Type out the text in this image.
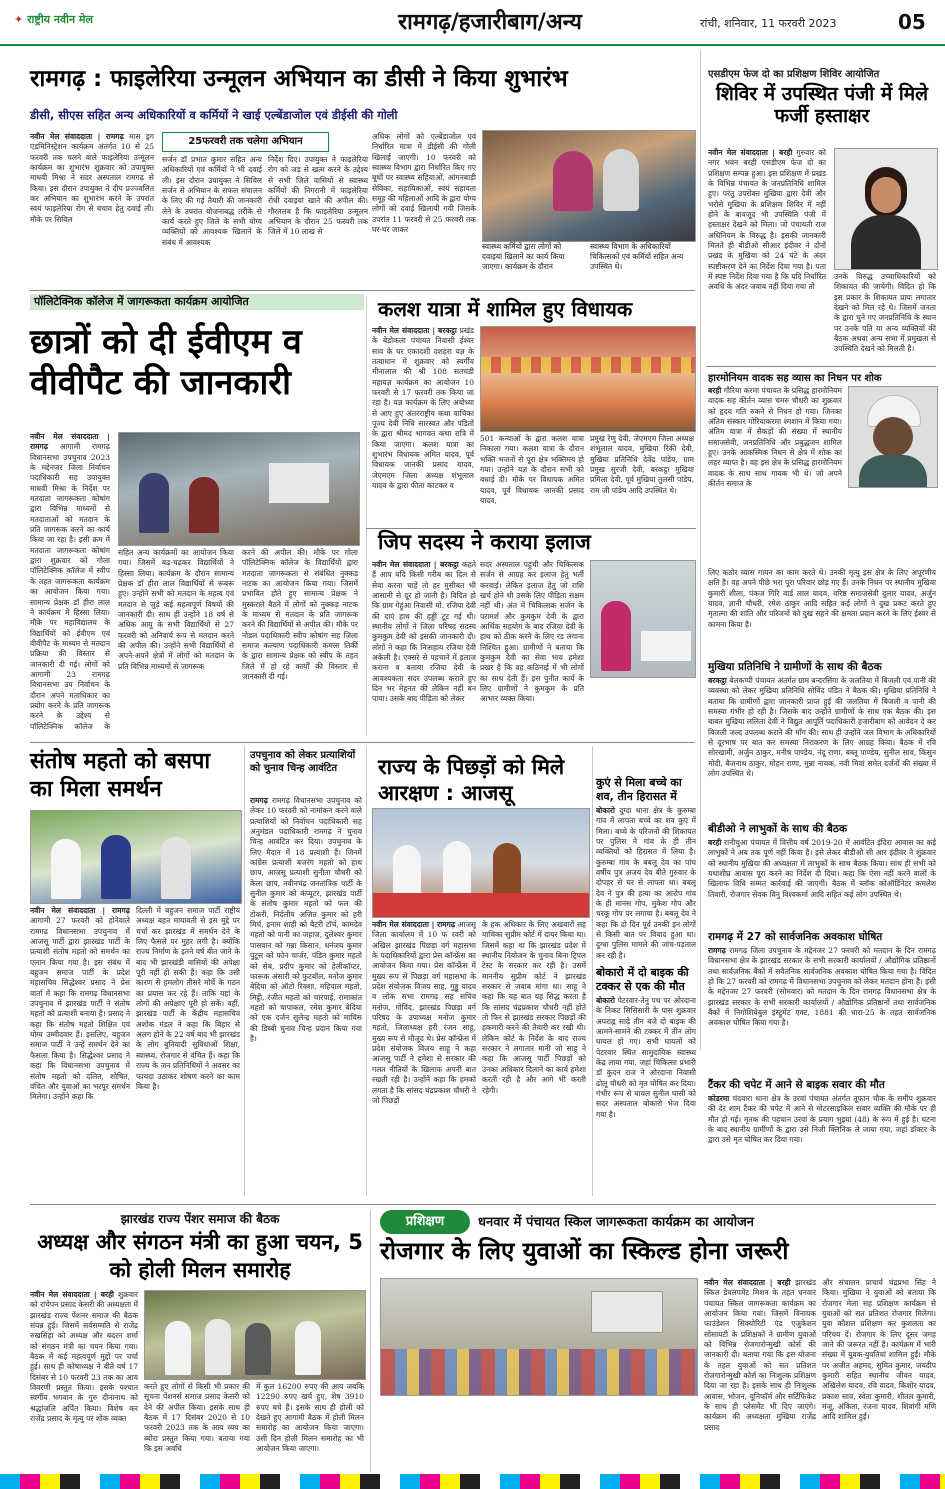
✦ राष्ट्रीय नवीन मेल	रामगढ़/हजारीबाग/अन्य	रांची, शनिवार, 11 फरवरी 2023	05
रामगढ़ : फाइलेरिया उन्मूलन अभियान का डीसी ने किया शुभारंभ
डीसी, सीएस सहित अन्य अधिकारियों व कर्मियों ने खाई एल्बेंडाजोल एवं डीईसी की गोली
नवीन मेल संवाददाता | रामगढ़ मास ड्रग एडमिनिस्ट्रेशन कार्यक्रम अंतर्गत 10 से 25 फरवरी तक चलने वाले फाइलेरिया उन्मूलन कार्यक्रम का शुभारंभ शुक्रवार को उपायुक्त माधवी मिश्रा ने सदर अस्पताल रामगढ़ से किया। इस दौरान उपायुक्त ने दीप प्रज्ज्वलित कर अभियान का शुभारंभ करने के उपरांत स्वयं फाइलेरिया रोग से बचाव हेतु दवाई ली। मौके पर सिविल
25फरवरी तक चलेगा अभियान
सर्जन डॉ प्रभात कुमार सहित अन्य अधिकारियों एवं कर्मियों ने भी दवाई ली। इस दौरान उपायुक्त ने सिविल सर्जन से अभियान के सफल संचालन के लिए की गई तैयारी की जानकारी लेने के उपरांत योजनाबद्ध तरीके से कार्य करते हुए जिले के सभी योग्य व्यक्तियों को आवश्यक खिलाने के संबंध में आवश्यक
निर्देश दिए। उपायुक्त ने फाइलेरिया रोग को जड़ से खत्म करने के उद्देश्य से सभी जिले वासियों से स्वास्थ्य कर्मियों की निगरानी में फाइलेरिया रोधी दवाइयां खाने की अपील की। गौरतलब है कि फाइलेरिया उन्मूलन अभियान के दौरान 25 फरवरी तक जिले में 10 लाख से
अधिक लोगों को एल्बेंडाजोल एवं निर्धारित मात्रा में डीईसी की गोली खिलाई जाएगी। 10 फरवरी को स्वास्थ्य विभाग द्वारा निर्धारित किए गए बूथों पर स्वास्थ्य सहियाओं, आंगनबाड़ी सेविका, सहायिकाओं, स्वयं सहायता समूह की महिलाओं आदि के द्वारा योग्य लोगों को दवाई खिलायी गयी जिसके उपरांत 11 फरवरी से 25 फरवरी तक घर-घर जाकर
स्वास्थ्य कर्मियों द्वारा लोगों को दवाइयां खिलाने का कार्य किया जाएगा। कार्यक्रम के दौरान
स्वास्थ्य विभाग के अधिकारियों चिकित्सकों एवं कर्मियों सहित अन्य उपस्थित थे।
एसडीएम फेज दो का प्रशिक्षण शिविर आयोजित
शिविर में उपस्थित पंजी में मिले फर्जी हस्ताक्षर
नवीन मेल संवाददाता | बरही गुरुवार को नगर भवन बरही एसडीएम फेज दो का प्रशिक्षण सम्पन्न हुआ। इस प्रशिक्षण में प्रखंड के विभिन्न पंचायत के जनप्रतिनिधि शामिल हुए। परंतु उपरोक्त मुखिया द्वारा देवी और भरोसे मुखिया के प्रशिक्षण शिविर में नहीं होने के बावजूद भी उपस्थिति पंजी में हस्ताक्षर देखने को मिला। जो पंचायती राज अधिनियम के विरुद्ध है। इसकी जानकारी मिलते ही बीडीओ सीआर इंदीवर ने दोनों प्रखंड के मुखिया को 24 घंटे के अंदर स्पष्टीकरण देने का निर्देश दिया गया है। पता में स्पष्ट निर्देश दिया गया है कि यदि निर्धारित अवधि के अंदर जवाब नहीं दिया गया तो
उनके विरुद्ध उच्चाधिकारियों को शिकायत की जायेगी। विदित हो कि इस प्रकार के शिकायत प्रायः लगातार देखने को मिल रहे थे। जिसमें जनता के द्वारा चुने गए जनप्रतिनिधि के स्थान पर उनके पति या अन्य व्यक्तियों की बैठक अथवा अन्य सभा में प्रमुखता से उपस्थिति देखने को मिलती है।
पॉलिटेक्निक कॉलेज में जागरूकता कार्यक्रम आयोजित
छात्रों को दी ईवीएम व वीवीपैट की जानकारी
नवीन मेल संवाददाता | रामगढ़ आगामी रामगढ़ विधानसभा उपचुनाव 2023 के मद्देनजर जिला निर्वाचन पदाधिकारी सह उपायुक्त माधवी मिश्रा के निर्देश पर मतदाता जागरूकता कोषांग द्वारा विभिन्न माध्यमों से मतदाताओं को मतदान के प्रति जागरूक करने का कार्य किया जा रहा है। इसी क्रम में मतदाता जागरूकता कोषांग द्वारा शुक्रवार को गोला पॉलिटेक्निक कॉलेज में स्वीप के तहत जागरूकता कार्यक्रम का आयोजन किया गया। सामान्य प्रेक्षक डॉ हीरा लाल ने कार्यक्रम में हिस्सा लिया। मौके पर महाविद्यालय के विद्यार्थियों को ईवीएम एवं वीवीपैट के माध्यम से मतदान प्रक्रिया की विस्तार से जानकारी दी गई। लोगों को आगामी 23 रामगढ़ विधानसभा उप निर्वाचन के दौरान अपने मताधिकार का प्रयोग करने के प्रति जागरूक करने के उद्देश्य से पॉलिटेक्निक कॉलेज के
सहित अन्य कार्यक्रमों का आयोजन किया गया। जिसमें बढ़-चढ़कर विद्यार्थियों ने हिस्सा लिया। कार्यक्रम के दौरान सामान्य प्रेक्षक डॉ हीरा लाल विद्यार्थियों से रूबरू हुए। उन्होंने सभी को मतदान के महत्व एवं मतदान से जुड़े कई महत्वपूर्ण विषयों की जानकारी दी। साथ ही उन्होंने 18 वर्ष से अधिक आयु के सभी विद्यार्थियों से 27 फरवरी को अनिवार्य रूप से मतदान करने की अपील की। उन्होंने सभी विद्यार्थियों से अपने-अपने क्षेत्रों में लोगों को मतदान के प्रति विभिन्न माध्यमों से जागरूक
करने की अपील की। मौके पर गोला पॉलिटेक्निक कॉलेज के विद्यार्थियों द्वारा मतदाता जागरूकता से संबंधित नुक्कड़ नाटक का आयोजन किया गया। जिसमें प्रभावित होते हुए सामान्य प्रेक्षक ने मुस्कराते बैठने में लोगों को नुक्कड़ नाटक के माध्यम से मतदान के प्रति जागरूक करने की विद्यार्थियों से अपील की। मौके पर नोडल पदाधिकारी स्वीप कोषांग सह जिला समाज कल्याण पदाधिकारी कमला तिर्की के द्वारा सामान्य प्रेक्षक को स्वीप के तहत जिले में हो रहे कार्यों की विस्तार से जानकारी दी गई।
कलश यात्रा में शामिल हुए विधायक
नवीन मेल संवाददाता | बरकट्ठा प्रखंड के बेडोकला पंचायत निवासी ईश्वर साव के घर एकादशी दशहरा यज्ञ के तत्वाधान में शुक्रवार को स्वर्गीय मीनालाल की श्री 108 सतचंडी महायज्ञ कार्यक्रम का आयोजन 10 फरवरी से 17 फरवरी तक किया जा रहा है। यज्ञ कार्यक्रम के लिए अयोध्या से आए हुए अंतरराष्ट्रीय कथा वाचिका पूज्य देवी निधि सारस्वत और पंडितों के द्वारा श्रीमद भागवत कथा रात्रि में किया जाएगा। कलश यात्रा का शुभारंभ विधायक अमित यादव, पूर्व विधायक जानकी प्रसाद यादव, जेएमएम जिला अध्यक्ष शंभूलाल यादव के द्वारा फीता काटकर व
501 कन्याओं के द्वारा कलश यात्रा निकाला गया। कलश यात्रा के दौरान भक्ति भजनों से पूरा क्षेत्र भक्तिमय हो गया। उन्होंने यज्ञ के दौरान सभी को बधाई दी। मौके पर विधायक अमित यादव, पूर्व विधायक जानकी प्रसाद यादव,
प्रमुख रेणु देवी, जेएमएम जिला अध्यक्ष शंभूलाल यादव, मुखिया रिंकी देवी, मुखिया प्रतिनिधि देवेंद्र पांडेय, ग्राम प्रमुख सुरजी देवी, बरकट्ठा मुखिया प्रमिला देवी, पूर्व मुखिया तुलसी पांडेय, राम जी पांडेय आदि उपस्थित थे।
हारमोनियम वादक सह व्यास का निधन पर शोक
बरही गौरिया करमा पंचायत के प्रसिद्ध हारमोनियम वादक सह कीर्तन व्यास चमरु चौधरी का शुक्रवार को हृदय गति रुकने से निधन हो गया। जिनका अंतिम संस्कार गोरियाकरमा श्मशान में किया गया। अंतिम यात्रा में सैकड़ों की संख्या में स्थानीय समाजसेवी, जनप्रतिनिधि और प्रबुद्धजन शामिल हुए। उनके आकस्मिक निधन से क्षेत्र में शोक का लहर व्याप्त है। वह इस क्षेत्र के प्रसिद्ध हारमोनियम वादक के साथ साथ गायक भी थे। जो अपने कीर्तन समाज के
लिए कठोर व्यास गायन का काम करते थे। उनकी मृत्यु इस क्षेत्र के लिए अपूरणीय क्षति है। वह अपने पीछे भरा पूरा परिवार छोड़ गए हैं। उनके निधन पर स्थानीय मुखिया कुमारी शीला, पंकज गिरि वार्ड लाल यादव, वरिष्ठ समाजसेवी दुलार यादव, अर्जुन यादव, ज्ञानी चौधरी, रमेश ठाकुर आदि सहित कई लोगों ने दुख प्रकट करते हुए मृतात्मा की शांति और परिजनों को दुख सहने की क्षमता प्रदान करने के लिए ईश्वर से कामना किया है।
मुखिया प्रतिनिधि ने ग्रामीणों के साथ की बैठक
बरकट्ठा बेलकप्पी पंचायत अंतर्गत ग्राम बन्दरसिंगा के जलतिया में बिजली एवं पानी की व्यवस्था को लेकर मुखिया प्रतिनिधि सोविंद पंडित ने बैठक की। मुखिया प्रतिनिधि ने बताया कि ग्रामीणों द्वारा जानकारी प्राप्त हुई की जलतिया में बिजली व पानी की समस्या गंभीर हो रही है। जिसके बाद उन्होंने ग्रामीणों के साथ एक बैठक की। इस बाबत मुखिया ललिता देवी ने विद्युत आपूर्ति पदाधिकारी हजारीबाग को आवेदन दे कर बिजली जल्द उपलब्ध कराने की माँग की। साथ ही उन्होंने जल विभाग के अधिकारियों से दूरभाष पर बात कर समस्या निराकरण के लिए आग्रह किया। बैठक में रवि सोरखामी, अर्जुन ठाकुर, मनीष पाण्डेय, नंदू राणा, बब्लू पाण्डेय, सुनील साव, किसुन मोदी, बैजनाथ ठाकुर, मोहन राणा, मुन्ना नायक, नवी मियां समेत दर्जनों की संख्या में लोग उपस्थित थे।
बीडीओ ने लाभुकों के साथ की बैठक
बरही रानीचुआ पंचायत में वित्तीय वर्ष 2019-20 में आवंटित इंदिरा आवास का कई लाभुकों ने अब तक पूर्ण नहीं किया है। इसे लेकर बीडीओ सी आर इंदीवर ने शुक्रवार को स्थानीय मुखिया की अध्यक्षता में लाभुकों के साथ बैठक किया। साथ ही सभी को यथाशीघ्र आवास पूरा करने का निर्देश दी दिया। कहा कि ऐसा नहीं करने वालों के खिलाफ विधि सम्मत कार्रवाई की जाएगी। बैठक में ब्लॉक कोऑर्डिनेटर कमलेश तिवारी, रोजगार सेवक विनु विश्वकर्मा आदि सहित कई लोग उपस्थित थे।
रामगढ़ में 27 को सार्वजनिक अवकाश घोषित
रामगढ़ रामगढ़ जिला उपचुनाव के मद्देनजर 27 फरवरी को मतदान के दिन रामगढ़ विधानसभा क्षेत्र के झारखंड सरकार के सभी सरकारी कार्यालयों / औद्योगिक प्रतिष्ठानों तथा सार्वजनिक बैंकों में सवैतनिक सार्वजनिक अवकाश घोषित किया गया है। विदित हो कि 27 फरवरी को रामगढ़ में विधानसभा उपचुनाव को लेकर मतदान होना है। इसी के मद्देनजर 27 फरवरी (सोमवार) को मतदान के दिन रामगढ़ विधानसभा क्षेत्र के झारखंड सरकार के सभी सरकारी कार्यालयों / औद्योगिक प्रतिष्ठानों तथा सार्वजनिक बैंकों में निगोशियेबुल इंस्ट्रूमेंट एक्ट, 1881 की धारा-25 के तहत सार्वजनिक अवकाश घोषित किया गया है।
टैंकर की चपेट में आने से बाइक सवार की मौत
कोडरमा चंदवारा थाना क्षेत्र के उरवां पंचायत अंतर्गत तूफान चौक के समीप शुक्रवार की देर शाम टैंकर की चपेट में आने से मोटरसाइकिल सवार व्यक्ति की मौके पर ही मौत हो गई। मृतक की पहचान उरवां के प्रयाग भुइयां (48) के रूप में हुई है। घटना के बाद स्थानीय ग्रामीणों के द्वारा उसे निजी क्लिनिक ले जाया गया, जहां डॉक्टर के द्वारा उसे मृत घोषित कर दिया गया।
जिप सदस्य ने कराया इलाज
नवीन मेल संवाददाता | बरकट्ठा कहते हैं आप यदि किसी गरीब का दिल से सेवा करना चाहें तो हर मुसीबत भी आसानी से दूर हो जाती है। विदित हो कि ग्राम गेहुंआ निवासी मो. रजिया देवी की दाएं हाथ की हड्डी टूट गई थी। स्थानीय लोगों ने जिला परिषद सदस्य कुमकुम देवी को इसकी जानकारी दी। लोगों ने कहा कि निःसहाय रजिया देवी अकेली है। एक्सरे से पहचाने में इलाज कराना व बताया रजिया देवी के आवश्यकता सदर उपलब्ध कराते हुए दिन भर मेहनत की लेकिन नहीं बन पाया। उसके बाद पीड़िता को लेकर
सदर अस्पताल पहुंची और चिकित्सक सर्जन से आग्रह कर इलाज हेतु भर्ती करवाई। लेकिन इलाज हेतु जो राशि खर्च होने थी उसके लिए पीड़िता सक्षम नहीं थी। अंत में चिकित्सक सर्जन के परामर्श और कुमकुम देवी के द्वारा आर्थिक सहयोग के बाद रजिया देवी के हाथ को ठीक करने के लिए रड लगाना निश्चित हुआ। ग्रामीणों ने बताया कि कुमकुम देवी का सेवा भाव हमेशा प्रखर है कि वह कठिनाई में भी लोगों का साथ देती हैं। इस पुनीत कार्य के लिए ग्रामीणों ने कुमकुम के प्रति आभार व्यक्त किया।
संतोष महतो को बसपा का मिला समर्थन
नवीन मेल संवाददाता | रामगढ़ आगामी 27 फरवरी को होनेवाले रामगढ़ विधानसभा उपचुनाव में आजसू पार्टी द्वारा झारखंड पार्टी के प्रत्याशी संतोष महतो को समर्थन का एलान किया गया है। इस संबंध में बहुजन समाज पार्टी के प्रदेश महासचिव सिद्धेश्वर प्रसाद ने प्रेस वार्ता में कहा कि रामगढ़ विधानसभा उपचुनाव में झारखंड पार्टी ने संतोष महतो को प्रत्याशी बनाया है। प्रसाद ने कहा कि संतोष महतो शिक्षित एवं योग्य उम्मीदवार हैं। इसलिए, बहुजन समाज पार्टी ने उन्हें समर्थन देने का फैसला किया है। सिद्धेश्वर प्रसाद ने कहा कि विधानसभा उपचुनाव में संतोष महतो को दलित, शोषित, वंचित और युवाओं का भरपूर समर्थन मिलेगा। उन्होंने कहा कि
दिल्ली में बहुजन समाज पार्टी राष्ट्रीय अध्यक्ष बहन मायावती से इस मुद्दे पर चर्चा कर झारखंड में समर्थन देने के लिए फैसले पर मुहर लगी है। क्योंकि राज्य निर्माण के इतने वर्ष बीत जाने के बाद भी झारखंडी वासियों की अपेक्षा पूरी नहीं हो सकी हैं। कहा कि उसी कारण से हमलोग तीसरे मोर्चे के गठन का प्रयास कर रहे हैं। ताकि यहां के लोगों की अपेक्षाएं पूरी हो सकें। वहीं, झारखंड पार्टी के केंद्रीय महासचिव अशोक मंडल ने कहा कि बिहार से अलग होने के 22 वर्ष बाद भी झारखंड के लोग बुनियादी सुविधाओं शिक्षा, स्वास्थ्य, रोजगार से वंचित हैं। कहा कि राज्य के जन प्रतिनिधियों ने अवसर का फायदा उठाकर शोषण करने का काम किया है।
उपचुनाव को लेकर प्रत्याशियों को चुनाव चिन्ह आवंटित
रामगढ़ रामगढ़ विधानसभा उपचुनाव को लेकर 10 फरवरी को नामांकन करने वाले प्रत्याशियों को निर्वाचन पदाधिकारी सह अनुमंडल पदाधिकारी रामगढ़ ने चुनाव चिन्ह आवंटित कर दिया। उपचुनाव के लिए मैदान में 18 प्रत्याशी हैं। जिनमें कांग्रेस प्रत्याशी बजरंग महतो को हाथ छाप, आजसू प्रत्याशी सुनीता चौधरी को केला छाप, नवीनचंद्र जनतांत्रिक पार्टी के सुनील कुमार को कंप्यूटर, झारखंड पार्टी के संतोष कुमार महतो को फल की टोकरी, निर्दलीय अजित कुमार को हरी मिर्च, इनाम शाही को बैटरी टॉर्च, कामदेव महतो को पानी का जहाज, दुलेश्वर कुमार पासवान को गन्ना किसान, धनंजय कुमार पुटूस को फोन चार्जर, पंडित कुमार महतो को सेब, प्रदीप कुमार को हेलीकॉप्टर, फारूक अंसारी को फुटबॉल, मनोज कुमार बेदिया को ऑटो रिक्शा, महिपाल महतो, मिट्ठी, रंजीत महतो को चारपाई, रामाकांत महतो को चापाकल, रमेश कुमार बेदिया को एक दर्जन सुलेन्द्र महतो को माचिस की डिब्बी चुनाव चिन्ह प्रदान किया गया है।
राज्य के पिछड़ों को मिले आरक्षण : आजसू
नवीन मेल संवाददाता | रामगढ़ आजसू जिला कार्यालय में 10 फ रवरी को अखिल झारखंड पिछड़ा वर्ग महासभा के पदाधिकारियों द्वारा प्रेस कॉन्फ्रेंस का आयोजन किया गया। प्रेस कॉन्फ्रेंस में मुख्य रूप से पिछड़ा वर्ग महासभा के प्रदेश संयोजक विजय साह, गुड्डू यादव व लोक सभा रामगढ़ सह सचिव मनोज, गोविंद, झारखंड पिछड़ा वर्ग परिषद के उपाध्यक्ष मनोज कुमार महतो, जिलाध्यक्ष हरी रंजन साहू, मुख्य रूप से मौजूद थे। प्रेस कॉन्फ्रेंस में प्रदेश संयोजक विजय साहू ने कहा आजसू पार्टी ने हमेशा से सरकार की गलत नीतियों के खिलाफ अपनी बात रखती रही है। उन्होंने कहा कि हमको लगता है कि सांसद चंद्रप्रकाश चौधरी ने जो पिछड़ों
के हक अधिकार के लिए अखबारों सह याचिका सुप्रीम कोर्ट में दायर किया था। जिसमें कहा था कि झारखंड प्रदेश में स्थानीय नियोजन के चुनाव बिना ट्रिपल टेस्ट के सरकार कर रही है। उसमें माननीय सुप्रीम कोर्ट ने झारखंड सरकार से जवाब मांगा था। साहू ने कहा कि यह बात यह सिद्ध करता है कि सांसद चंद्रप्रकाश चौधरी नहीं होते तो फिर से झारखंड सरकार पिछड़ों की हकमारी करने की तैयारी कर रखी थी। लेकिन कोर्ट के निर्देश के बाद राज्य सरकार ने लगातार मानी जो साहू ने कहा कि आजसू पार्टी पिछड़ों को उनका अधिकार दिलाने का कार्य हमेशा करती रही है और आगे भी करती रहेगी।
कुएं से मिला बच्चे का शव, तीन हिरासत में
बोकारो दुग्दा थाना क्षेत्र के कुरुम्बा गांव में लापता बच्चे का शव कुएं में मिला। बच्चे के परिजनों की शिकायत पर पुलिस ने गांव के ही तीन व्यक्तियों को हिरासत में लिया है। कुरुम्बा गांव के बबलू देव का पांच वर्षीय पुत्र अजय देव बीते गुरुवार के दोपहर से घर से लापता था। बबलू देव ने पुत्र की हत्या का आरोप गांव के ही मानस गोप, मुकेश गोप और चरकू गोप पर लगाया है। बबलू देव ने कहा कि दो दिन पूर्व उनकी इन लोगों से किसी बात पर विवाद हुआ था। दुग्धा पुलिस मामले की जांच-पड़ताल कर रही है।
बोकारो में दो बाइक की टक्कर से एक की मौत
बोकारो पेटरवार-तेनु पथ पर ओरदाना के निकट सिसिसारी के पास शुक्रवार अपराह्न साढ़े तीन बजे दो बाइक की आमने-सामने की टक्कर में तीन लोग घायल हो गए। सभी घायलों को पेटरवार स्थित सामुदायिक स्वास्थ्य केंद्र लाया गया, जहां चिकित्सा प्रभारी डॉ कुंदन राज ने ओरदाना निवासी ढोलू चौधरी को मृत घोषित कर दिया। गंभीर रूप से घायल सुनील घासी को सदर अस्पताल बोकारो भेज दिया गया है।
झारखंड राज्य पेंशर समाज की बैठक
अध्यक्ष और संगठन मंत्री का हुआ चयन, 5 को होली मिलन समारोह
नवीन मेल संवाददाता | बरही शुक्रवार को रांचेपन प्रसाद केसरी की अध्यक्षता में झारखंड राज्य पेंशनर समाज की बैठक संपन्न हुई। जिसमें सर्वसम्मति से राजेंद्र रुखसिंहा को अध्यक्ष और बदरन शर्मा को संगठन मंत्री का चयन किया गया। बैठक में कई महत्वपूर्ण मुद्दों पर चर्चा हुई। साथ ही कोषाध्यक्ष ने बीते वर्ष 17 दिसंबर से 10 फरवरी 23 तक का आय विवरणी प्रस्तुत किया। इसके पश्चात स्वर्गीय भगवान के गुरु दीनानाथ को श्रद्धांजलि अर्पित किया। विशेष कर राजेंद्र प्रसाद के मृत्यु पर शोक व्यक्त
करते हुए लोगों से किसी भी प्रकार की सूचना पेंशनर्स समाज प्रसाद केसरी को देने की अपील किया। इसके साथ ही बैठक में 17 दिसंबर 2020 से 10 फरवरी 2023 तक के आय व्यय का ब्योरा प्रस्तुत किया गया। बताया गया कि इस अवधि
में कुल 16200 रुपए की आय जबकि 12290 रुपए खर्च हुए, शेष 3910 रुपए बचे हैं। इसके साथ ही होली को देखते हुए आगामी बैठक में होली मिलन समारोह का आयोजन किया जाएगा। उसी दिन होली मिलन समारोह का भी आयोजन किया जाएगा।
प्रशिक्षण	धनवार में पंचायत स्किल जागरूकता कार्यक्रम का आयोजन
रोजगार के लिए युवाओं का स्किल्ड होना जरूरी
नवीन मेल संवाददाता | बरही झारखंड स्किल डेवलपमेंट मिशन के तहत धनवार पंचायत स्किल जागरूकता कार्यक्रम का आयोजन किया गया। जिसमें विनायक फाउंडेशन सिक्योरिटी एंड एजुकेशन सोसायटी के प्रशिक्षकों ने ग्रामीण युवाओं को विभिन्न रोजगारोन्मुखी कोर्स की जानकारी दी। बताया गया कि इस योजना के तहत युवाओं को सत प्रतिशत रोजगारोन्मुखी कोर्स का निःशुल्क प्रशिक्षण दिया जा रहा है। इसके साथ ही निःशुल्क आवास, भोजन, यूनिफॉर्म और सर्टिफिकेट के साथ ही प्लेसमेंट भी दिए जाएंगे। कार्यक्रम की अध्यक्षता मुखिया राजेंद्र प्रसाद
और संचालन प्राचार्य चंद्रप्रभा सिंह ने किया। मुखिया ने युवाओं को बताया कि रोजगार मेला सह प्रशिक्षण कार्यक्रम से युवाओं को सत प्रतिशत रोजगार मिलेगा। युवा कौशल प्रशिक्षण कर कुशलता का परिचय दें। रोजगार के लिए दूसर जगह जाने की जरूरत नहीं है। कार्यक्रम में भारी संख्या में युवक-युवतियां शामिल हुईं। मौके पर अजीत अहमद, सुमित कुमार, जयदीप कुमारी सहित स्थानीय जीवन यादव, अखिलेश यादव, रवि यादव, किशोर यादव, प्रकाश साव, स्वेता कुमारी, शीतल कुमारी, मंजू, अंकिता, रंजना यादव, शिवांगी मणि आदि शामिल हुईं।
